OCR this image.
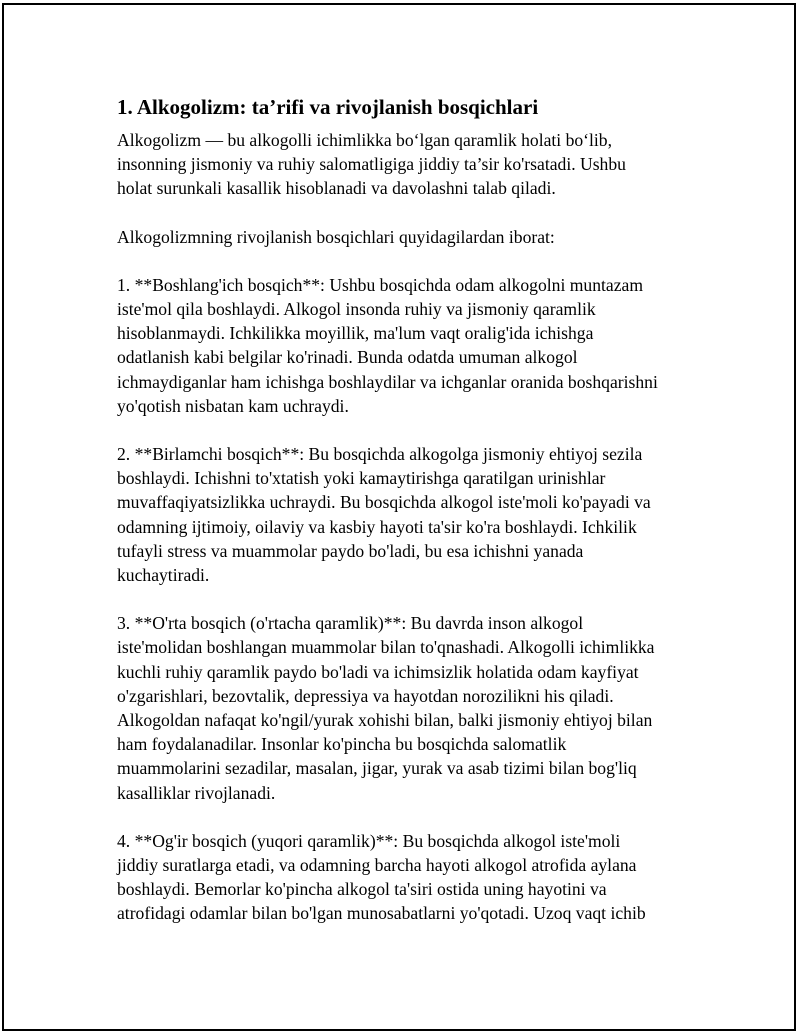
1. Alkogolizm: ta’rifi va rivojlanish bosqichlari
Alkogolizm — bu alkogolli ichimlikka bo‘lgan qaramlik holati bo‘lib,
insonning jismoniy va ruhiy salomatligiga jiddiy ta’sir ko'rsatadi. Ushbu
holat surunkali kasallik hisoblanadi va davolashni talab qiladi.
Alkogolizmning rivojlanish bosqichlari quyidagilardan iborat:
1. **Boshlang'ich bosqich**: Ushbu bosqichda odam alkogolni muntazam
iste'mol qila boshlaydi. Alkogol insonda ruhiy va jismoniy qaramlik
hisoblanmaydi. Ichkilikka moyillik, ma'lum vaqt oralig'ida ichishga
odatlanish kabi belgilar ko'rinadi. Bunda odatda umuman alkogol
ichmaydiganlar ham ichishga boshlaydilar va ichganlar oranida boshqarishni
yo'qotish nisbatan kam uchraydi.
2. **Birlamchi bosqich**: Bu bosqichda alkogolga jismoniy ehtiyoj sezila
boshlaydi. Ichishni to'xtatish yoki kamaytirishga qaratilgan urinishlar
muvaffaqiyatsizlikka uchraydi. Bu bosqichda alkogol iste'moli ko'payadi va
odamning ijtimoiy, oilaviy va kasbiy hayoti ta'sir ko'ra boshlaydi. Ichkilik
tufayli stress va muammolar paydo bo'ladi, bu esa ichishni yanada
kuchaytiradi.
3. **O'rta bosqich (o'rtacha qaramlik)**: Bu davrda inson alkogol
iste'molidan boshlangan muammolar bilan to'qnashadi. Alkogolli ichimlikka
kuchli ruhiy qaramlik paydo bo'ladi va ichimsizlik holatida odam kayfiyat
o'zgarishlari, bezovtalik, depressiya va hayotdan norozilikni his qiladi.
Alkogoldan nafaqat ko'ngil/yurak xohishi bilan, balki jismoniy ehtiyoj bilan
ham foydalanadilar. Insonlar ko'pincha bu bosqichda salomatlik
muammolarini sezadilar, masalan, jigar, yurak va asab tizimi bilan bog'liq
kasalliklar rivojlanadi.
4. **Og'ir bosqich (yuqori qaramlik)**: Bu bosqichda alkogol iste'moli
jiddiy suratlarga etadi, va odamning barcha hayoti alkogol atrofida aylana
boshlaydi. Bemorlar ko'pincha alkogol ta'siri ostida uning hayotini va
atrofidagi odamlar bilan bo'lgan munosabatlarni yo'qotadi. Uzoq vaqt ichib
